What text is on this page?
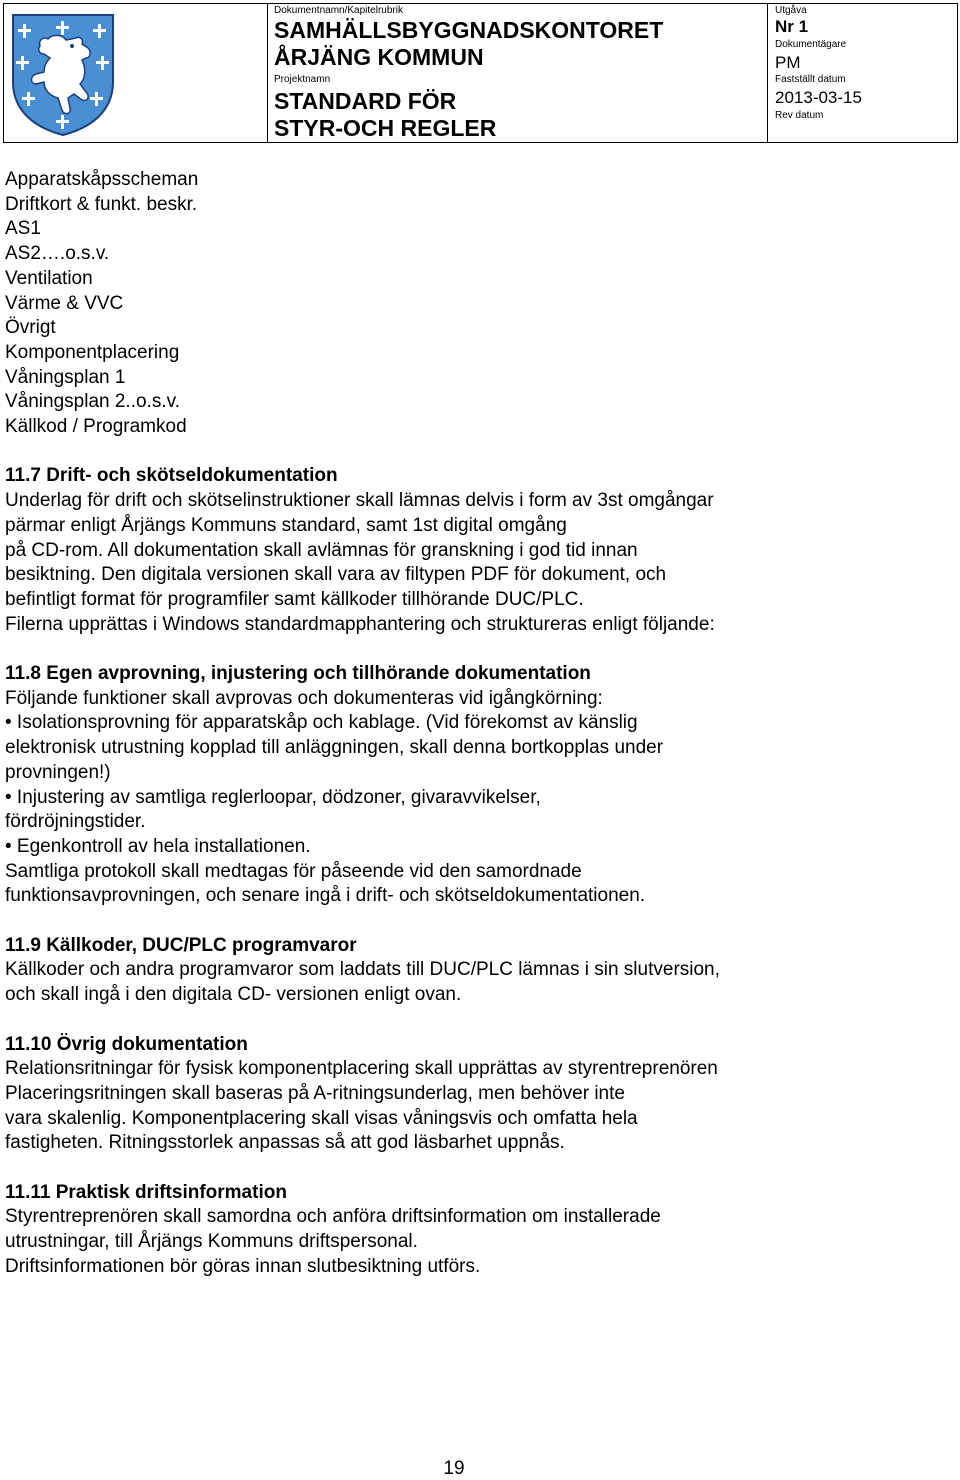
Dokumentnamn/Kapitelrubrik
SAMHÄLLSBYGGNADSKONTORET
ÅRJÄNG KOMMUN
Projektnamn
STANDARD FÖR
STYR-OCH REGLER
Utgåva
Nr 1
Dokumentägare
PM
Fastställt datum
2013-03-15
Rev datum

Apparatskåpsscheman

Driftkort & funkt. beskr.

AS1

AS2….o.s.v.

Ventilation

Värme & VVC

Övrigt

Komponentplacering

Våningsplan 1

Våningsplan 2..o.s.v.

Källkod / Programkod

11.7 Drift- och skötseldokumentation

Underlag för drift och skötselinstruktioner skall lämnas delvis i form av 3st omgångar

pärmar enligt Årjängs Kommuns standard, samt 1st digital omgång

på CD-rom. All dokumentation skall avlämnas för granskning i god tid innan

besiktning. Den digitala versionen skall vara av filtypen PDF för dokument, och

befintligt format för programfiler samt källkoder tillhörande DUC/PLC.

Filerna upprättas i Windows standardmapphantering och struktureras enligt följande:

11.8 Egen avprovning, injustering och tillhörande dokumentation

Följande funktioner skall avprovas och dokumenteras vid igångkörning:

• Isolationsprovning för apparatskåp och kablage. (Vid förekomst av känslig

elektronisk utrustning kopplad till anläggningen, skall denna bortkopplas under

provningen!)

• Injustering av samtliga reglerloopar, dödzoner, givaravvikelser,

fördröjningstider.

• Egenkontroll av hela installationen.

Samtliga protokoll skall medtagas för påseende vid den samordnade

funktionsavprovningen, och senare ingå i drift- och skötseldokumentationen.

11.9 Källkoder, DUC/PLC programvaror

Källkoder och andra programvaror som laddats till DUC/PLC lämnas i sin slutversion,

och skall ingå i den digitala CD- versionen enligt ovan.

11.10 Övrig dokumentation

Relationsritningar för fysisk komponentplacering skall upprättas av styrentreprenören

Placeringsritningen skall baseras på A-ritningsunderlag, men behöver inte

vara skalenlig. Komponentplacering skall visas våningsvis och omfatta hela

fastigheten. Ritningsstorlek anpassas så att god läsbarhet uppnås.

11.11 Praktisk driftsinformation

Styrentreprenören skall samordna och anföra driftsinformation om installerade

utrustningar, till Årjängs Kommuns driftspersonal.

Driftsinformationen bör göras innan slutbesiktning utförs.

19
